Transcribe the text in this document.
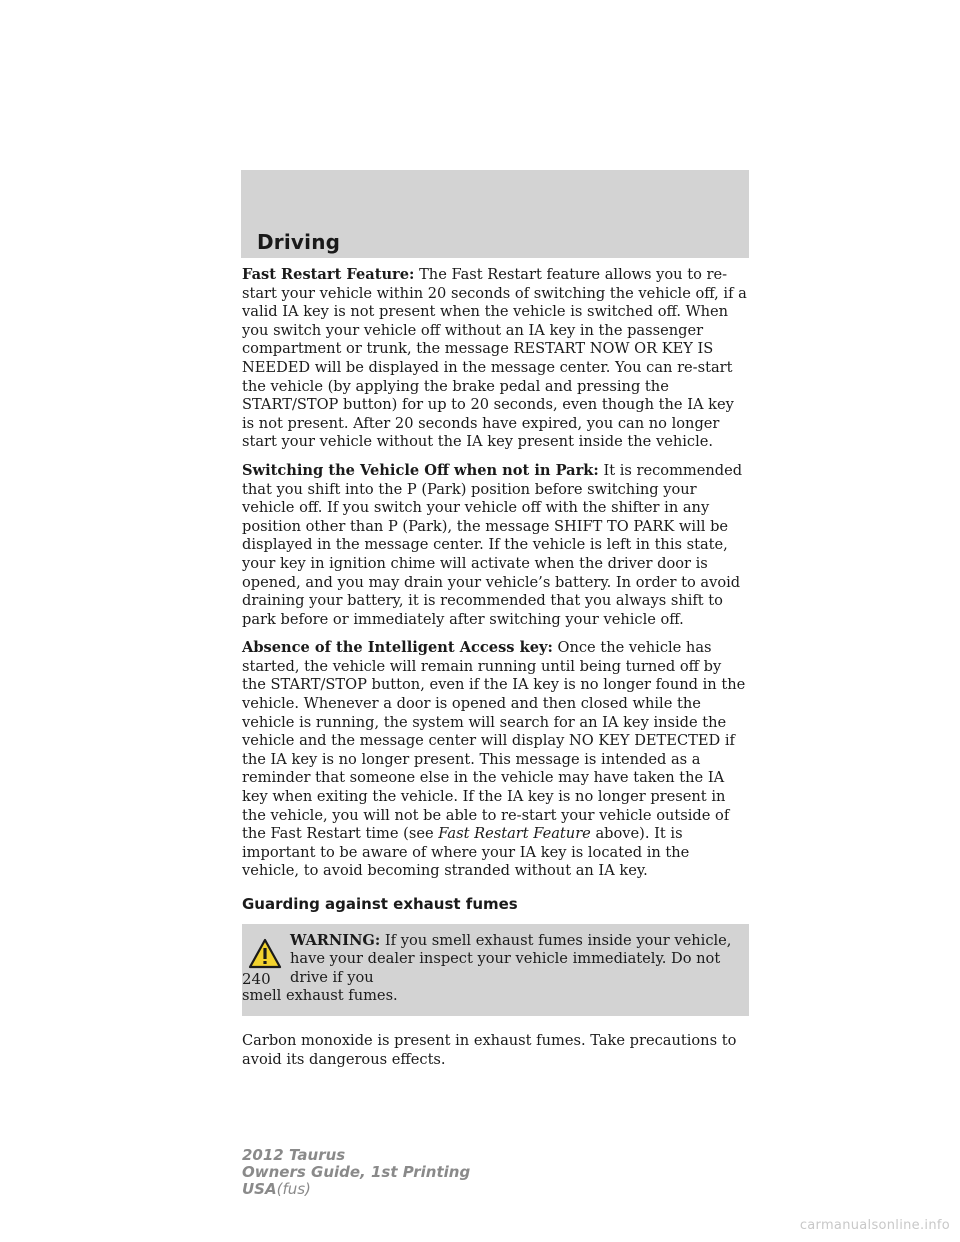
Driving

Fast Restart Feature: The Fast Restart feature allows you to re-start your vehicle within 20 seconds of switching the vehicle off, if a valid IA key is not present when the vehicle is switched off. When you switch your vehicle off without an IA key in the passenger compartment or trunk, the message RESTART NOW OR KEY IS NEEDED will be displayed in the message center. You can re-start the vehicle (by applying the brake pedal and pressing the START/STOP button) for up to 20 seconds, even though the IA key is not present. After 20 seconds have expired, you can no longer start your vehicle without the IA key present inside the vehicle.

Switching the Vehicle Off when not in Park: It is recommended that you shift into the P (Park) position before switching your vehicle off. If you switch your vehicle off with the shifter in any position other than P (Park), the message SHIFT TO PARK will be displayed in the message center. If the vehicle is left in this state, your key in ignition chime will activate when the driver door is opened, and you may drain your vehicle’s battery. In order to avoid draining your battery, it is recommended that you always shift to park before or immediately after switching your vehicle off.

Absence of the Intelligent Access key: Once the vehicle has started, the vehicle will remain running until being turned off by the START/STOP button, even if the IA key is no longer found in the vehicle. Whenever a door is opened and then closed while the vehicle is running, the system will search for an IA key inside the vehicle and the message center will display NO KEY DETECTED if the IA key is no longer present. This message is intended as a reminder that someone else in the vehicle may have taken the IA key when exiting the vehicle. If the IA key is no longer present in the vehicle, you will not be able to re-start your vehicle outside of the Fast Restart time (see Fast Restart Feature above). It is important to be aware of where your IA key is located in the vehicle, to avoid becoming stranded without an IA key.

Guarding against exhaust fumes
WARNING: If you smell exhaust fumes inside your vehicle, have your dealer inspect your vehicle immediately. Do not drive if you
smell exhaust fumes.

Carbon monoxide is present in exhaust fumes. Take precautions to avoid its dangerous effects.

240
2012 Taurus
Owners Guide, 1st Printing
USA(fus)
carmanualsonline.info
